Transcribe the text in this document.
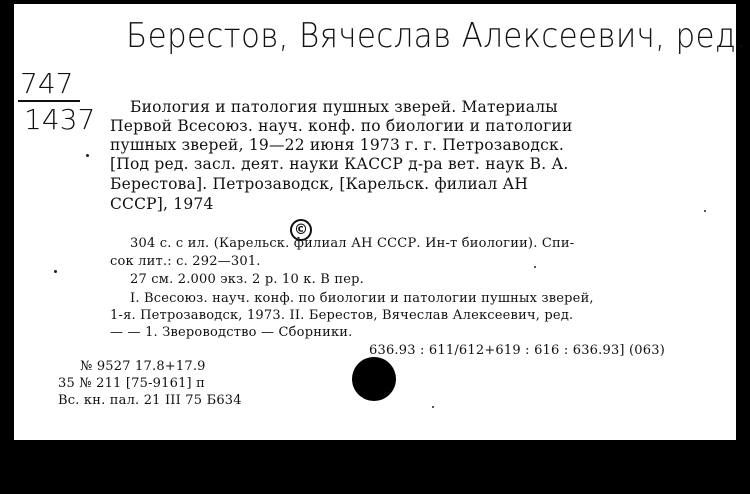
Берестов, Вячеслав Алексеевич, ред.
747
1437 Биология и патология пушных зверей. Материалы
Первой Всесоюз. науч. конф. по биологии и патологии
пушных зверей, 19—22 июня 1973 г. г. Петрозаводск.
[Под ред. засл. деят. науки КАССР д-ра вет. наук В. А.
Берестова]. Петрозаводск, [Карельск. филиал АН
СССР], 1974
©
304 с. с ил. (Карельск. филиал АН СССР. Ин-т биологии). Спи-
сок лит.: с. 292—301.
27 см. 2.000 экз. 2 р. 10 к. В пер.
I. Всесоюз. науч. конф. по биологии и патологии пушных зверей,
1-я. Петрозаводск, 1973. II. Берестов, Вячеслав Алексеевич, ред.
— — 1. Звероводство — Сборники.
636.93 : 611/612+619 : 616 : 636.93] (063)
№ 9527 17.8+17.9
35 № 211 [75-9161] п
Вс. кн. пал. 21 III 75 Б634
